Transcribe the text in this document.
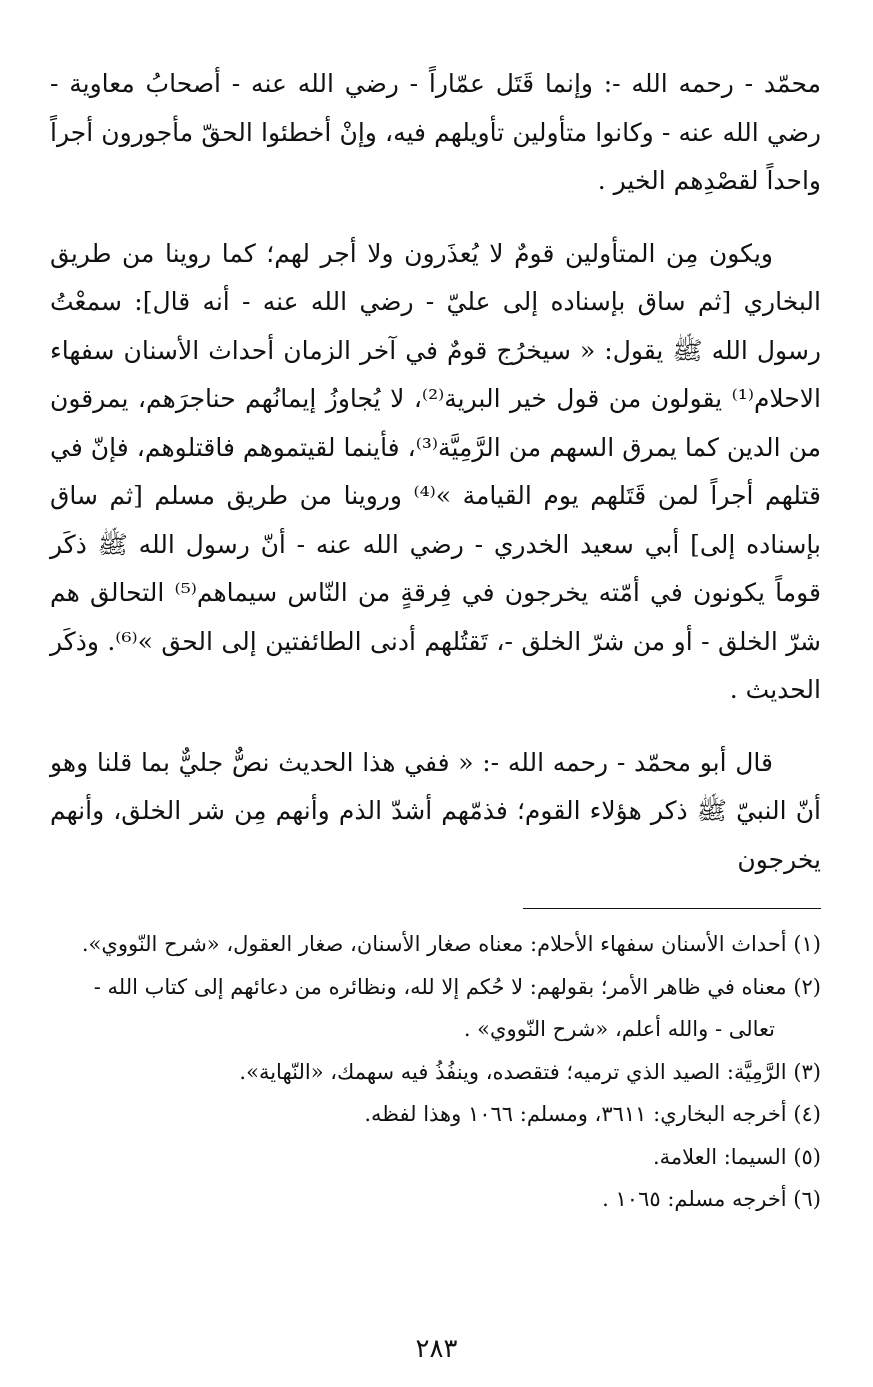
محمّد - رحمه الله -: وإنما قَتَل عمّاراً - رضي الله عنه - أصحابُ معاوية - رضي الله عنه - وكانوا متأولين تأويلهم فيه، وإنْ أخطئوا الحقّ مأجورون أجراً واحداً لقصْدِهم الخير .

ويكون مِن المتأولين قومٌ لا يُعذَرون ولا أجر لهم؛ كما روينا من طريق البخاري [ثم ساق بإسناده إلى عليّ - رضي الله عنه - أنه قال]: سمعْتُ رسول الله ﷺ يقول: « سيخرُج قومٌ في آخر الزمان أحداث الأسنان سفهاء الاحلام⁽¹⁾ يقولون من قول خير البرية⁽²⁾، لا يُجاوزُ إيمانُهم حناجرَهم، يمرقون من الدين كما يمرق السهم من الرَّمِيَّة⁽³⁾، فأينما لقيتموهم فاقتلوهم، فإنّ في قتلهم أجراً لمن قَتَلهم يوم القيامة »⁽⁴⁾ وروينا من طريق مسلم [ثم ساق بإسناده إلى] أبي سعيد الخدري - رضي الله عنه - أنّ رسول الله ﷺ ذكَر قوماً يكونون في أمّته يخرجون في فِرقةٍ من النّاس سيماهم⁽⁵⁾ التحالق هم شرّ الخلق - أو من شرّ الخلق -، تَقتُلهم أدنى الطائفتين إلى الحق »⁽⁶⁾. وذكَر الحديث .

قال أبو محمّد - رحمه الله -: « ففي هذا الحديث نصٌّ جليٌّ بما قلنا وهو أنّ النبيّ ﷺ ذكر هؤلاء القوم؛ فذمّهم أشدّ الذم وأنهم مِن شر الخلق، وأنهم يخرجون

(١) أحداث الأسنان سفهاء الأحلام: معناه صغار الأسنان، صغار العقول، «شرح النّووي».
(٢) معناه في ظاهر الأمر؛ بقولهم: لا حُكم إلا لله، ونظائره من دعائهم إلى كتاب الله - تعالى - والله أعلم، «شرح النّووي» .
(٣) الرَّمِيَّة: الصيد الذي ترميه؛ فتقصده، وينفُذُ فيه سهمك، «النّهاية».
(٤) أخرجه البخاري: ٣٦١١، ومسلم: ١٠٦٦ وهذا لفظه.
(٥) السيما: العلامة.
(٦) أخرجه مسلم: ١٠٦٥ .
٢٨٣
